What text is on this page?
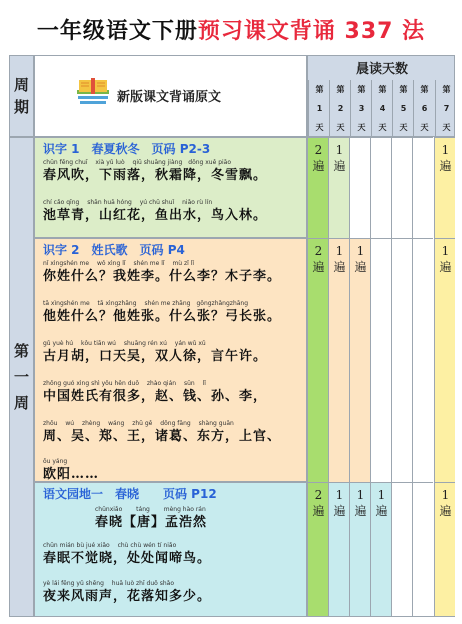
一年级语文下册预习课文背诵 337 法
周
期
新版课文背诵原文
晨读天数
第
1
天
第
2
天
第
3
天
第
4
天
第
5
天
第
6
天
第
7
天
第
一
周
识字 1　春夏秋冬　页码 P2-3
chūn fēng chuī　 xià yǔ luò　 qiū shuāng jiàng　dōng xuě piāo
春风吹，下雨落，秋霜降，冬雪飘。
chí cǎo qīng　 shān huā hóng　 yú chū shuǐ　 niǎo rù lín
池草青，山红花，鱼出水，鸟入林。
2
遍
1
遍
1
遍
识字 2　姓氏歌　页码 P4
nǐ xìngshén me　 wǒ xìng lǐ　 shén me lǐ　 mù zǐ lǐ
你姓什么？我姓李。什么李？木子李。
tā xìngshén me　 tā xìngzhāng　 shén me zhāng　gōngzhǎngzhāng
他姓什么？他姓张。什么张？弓长张。
gǔ yuè hú　 kǒu tiān wú　 shuāng rén xú　 yán wǔ xǔ
古月胡，口天吴，双人徐，言午许。
zhōng guó xìng shì yǒu hěn duō　 zhào qián　 sūn　 lǐ
中国姓氏有很多，赵、钱、孙、李，
zhōu　 wú　 zhèng　 wáng　 zhū gě　 dōng fāng　 shàng guān
周、吴、郑、王，诸葛、东方，上官、
ōu yáng
欧阳……
2
遍
1
遍
1
遍
1
遍
语文园地一　春晓　　页码 P12
chūnxiǎo　　 táng　　 mèng hào rán
春晓【唐】孟浩然
chūn mián bù jué xiǎo　 chù chù wén tí niǎo
春眠不觉晓，处处闻啼鸟。
yè lái fēng yǔ shēng　 huā luò zhī duō shǎo
夜来风雨声，花落知多少。
2
遍
1
遍
1
遍
1
遍
1
遍
